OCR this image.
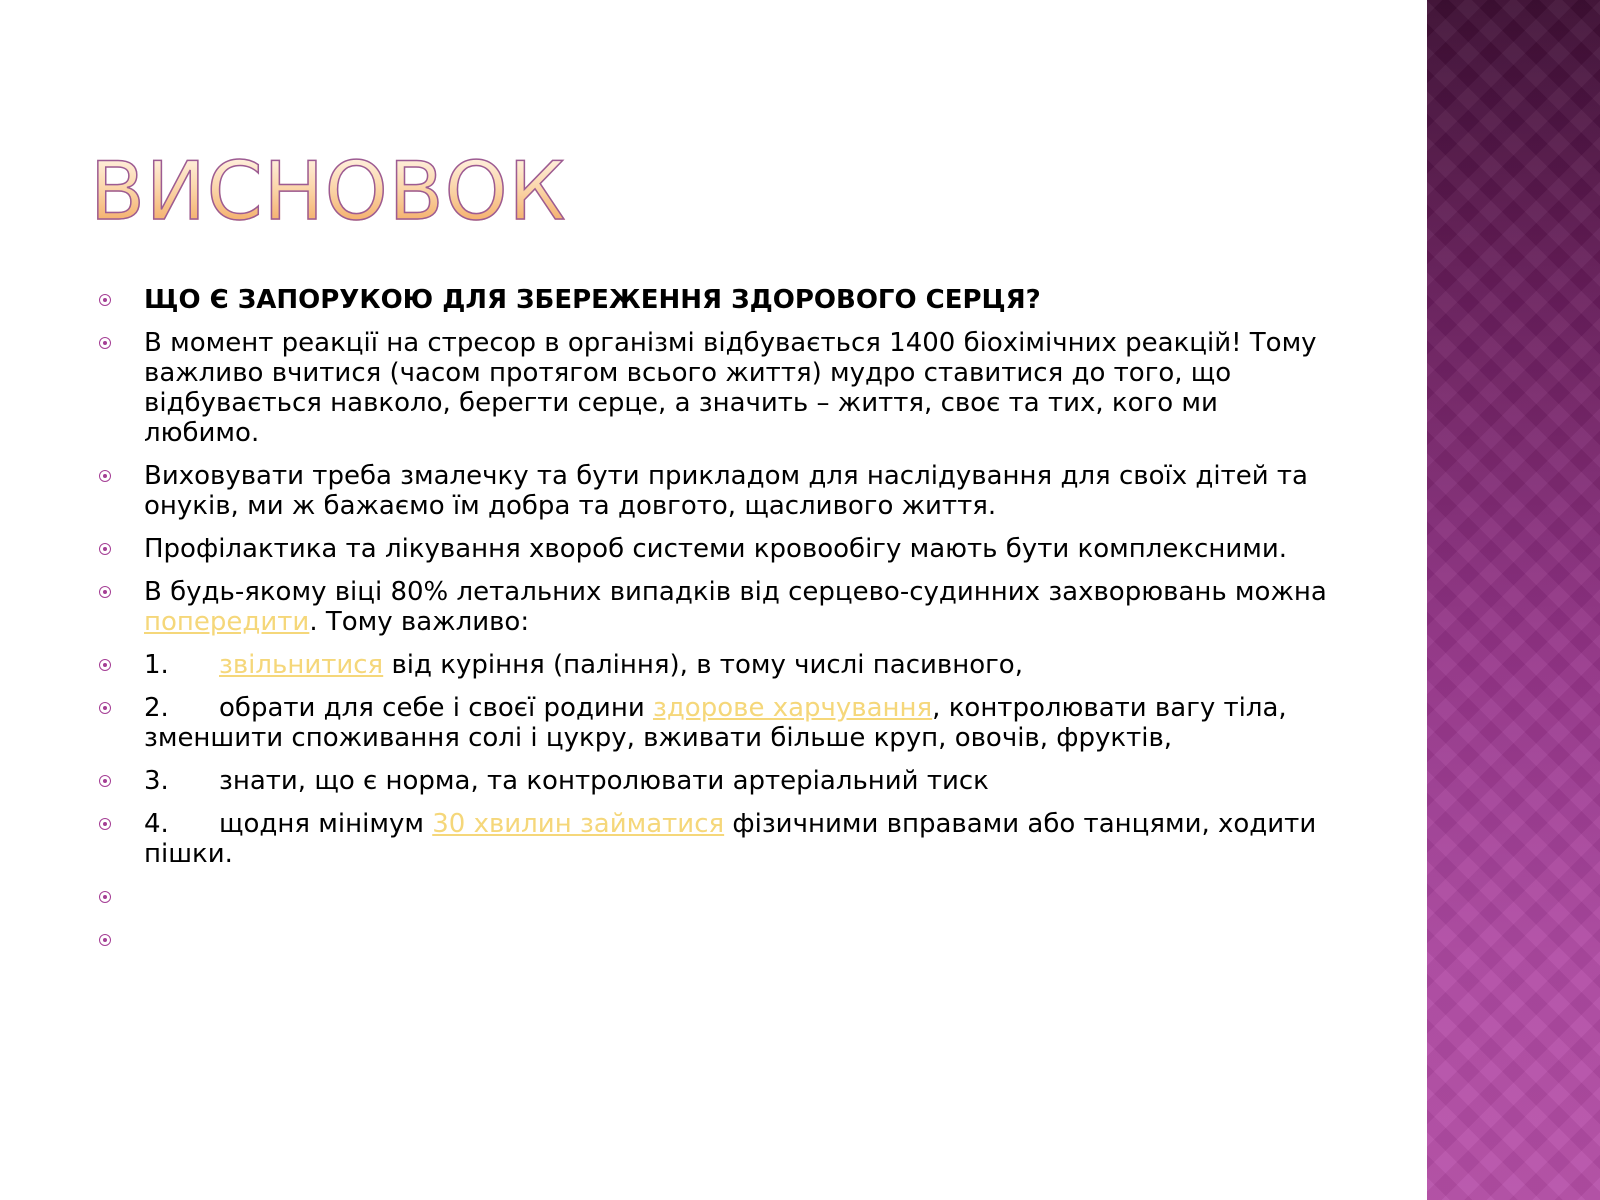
ВИСНОВОК
ЩО Є ЗАПОРУКОЮ ДЛЯ ЗБЕРЕЖЕННЯ ЗДОРОВОГО СЕРЦЯ?
В момент реакції на стресор в організмі відбувається 1400 біохімічних реакцій! Тому важливо вчитися (часом протягом всього життя) мудро ставитися до того, що відбувається навколо, берегти серце, а значить – життя, своє та тих, кого ми любимо.
Виховувати треба змалечку та бути прикладом для наслідування для своїх дітей та онуків, ми ж бажаємо їм добра та довгото, щасливого життя.
Профілактика та лікування хвороб системи кровообігу мають бути комплексними.
В будь-якому віці 80% летальних випадків від серцево-судинних захворювань можна попередити. Тому важливо:
1. звільнитися від куріння (паління), в тому числі пасивного,
2. обрати для себе і своєї родини здорове харчування, контролювати вагу тіла, зменшити споживання солі і цукру, вживати більше круп, овочів, фруктів,
3. знати, що є норма, та контролювати артеріальний тиск
4. щодня мінімум 30 хвилин займатися фізичними вправами або танцями, ходити пішки.
